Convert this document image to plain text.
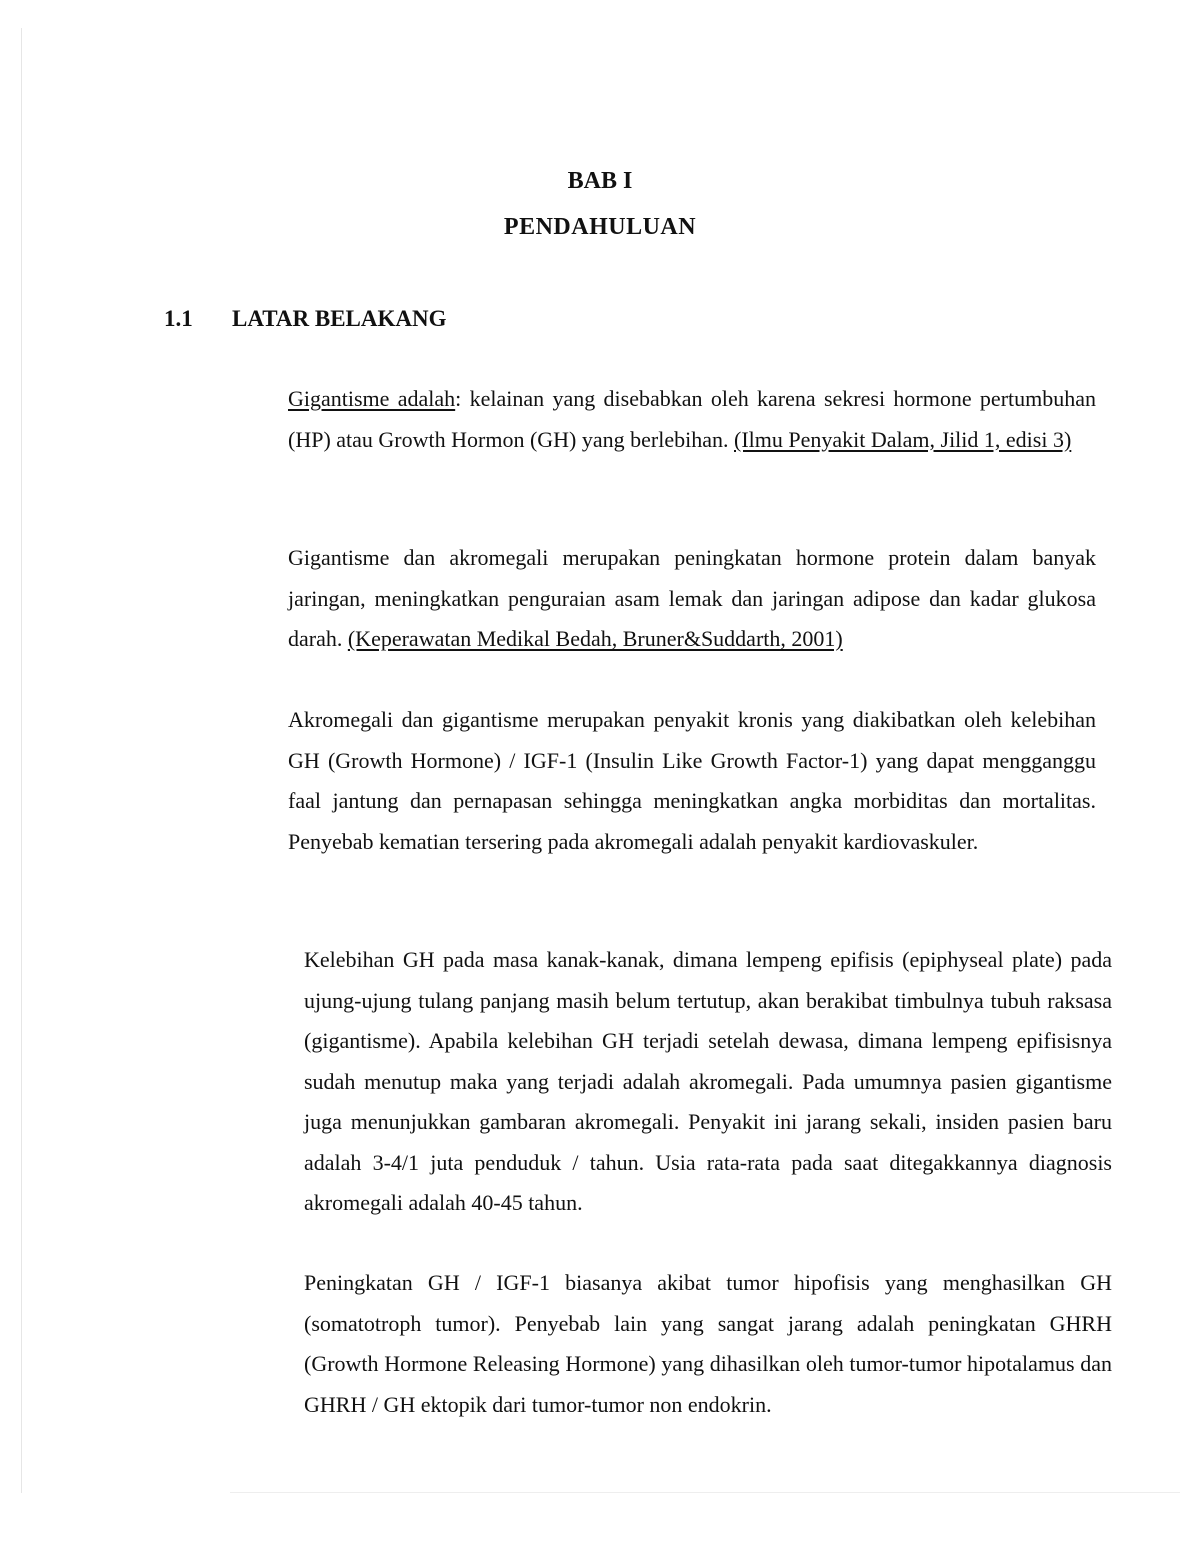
BAB I
PENDAHULUAN
1.1 LATAR BELAKANG

Gigantisme adalah: kelainan yang disebabkan oleh karena sekresi hormone pertumbuhan (HP) atau Growth Hormon (GH) yang berlebihan. (Ilmu Penyakit Dalam, Jilid 1, edisi 3)

Gigantisme dan akromegali merupakan peningkatan hormone protein dalam banyak jaringan, meningkatkan penguraian asam lemak dan jaringan adipose dan kadar glukosa darah. (Keperawatan Medikal Bedah, Bruner&Suddarth, 2001)

Akromegali dan gigantisme merupakan penyakit kronis yang diakibatkan oleh kelebihan GH (Growth Hormone) / IGF-1 (Insulin Like Growth Factor-1) yang dapat mengganggu faal jantung dan pernapasan sehingga meningkatkan angka morbiditas dan mortalitas. Penyebab kematian tersering pada akromegali adalah penyakit kardiovaskuler.

Kelebihan GH pada masa kanak-kanak, dimana lempeng epifisis (epiphyseal plate) pada ujung-ujung tulang panjang masih belum tertutup, akan berakibat timbulnya tubuh raksasa (gigantisme). Apabila kelebihan GH terjadi setelah dewasa, dimana lempeng epifisisnya sudah menutup maka yang terjadi adalah akromegali. Pada umumnya pasien gigantisme juga menunjukkan gambaran akromegali. Penyakit ini jarang sekali, insiden pasien baru adalah 3-4/1 juta penduduk / tahun. Usia rata-rata pada saat ditegakkannya diagnosis akromegali adalah 40-45 tahun.

Peningkatan GH / IGF-1 biasanya akibat tumor hipofisis yang menghasilkan GH (somatotroph tumor). Penyebab lain yang sangat jarang adalah peningkatan GHRH (Growth Hormone Releasing Hormone) yang dihasilkan oleh tumor-tumor hipotalamus dan GHRH / GH ektopik dari tumor-tumor non endokrin.
